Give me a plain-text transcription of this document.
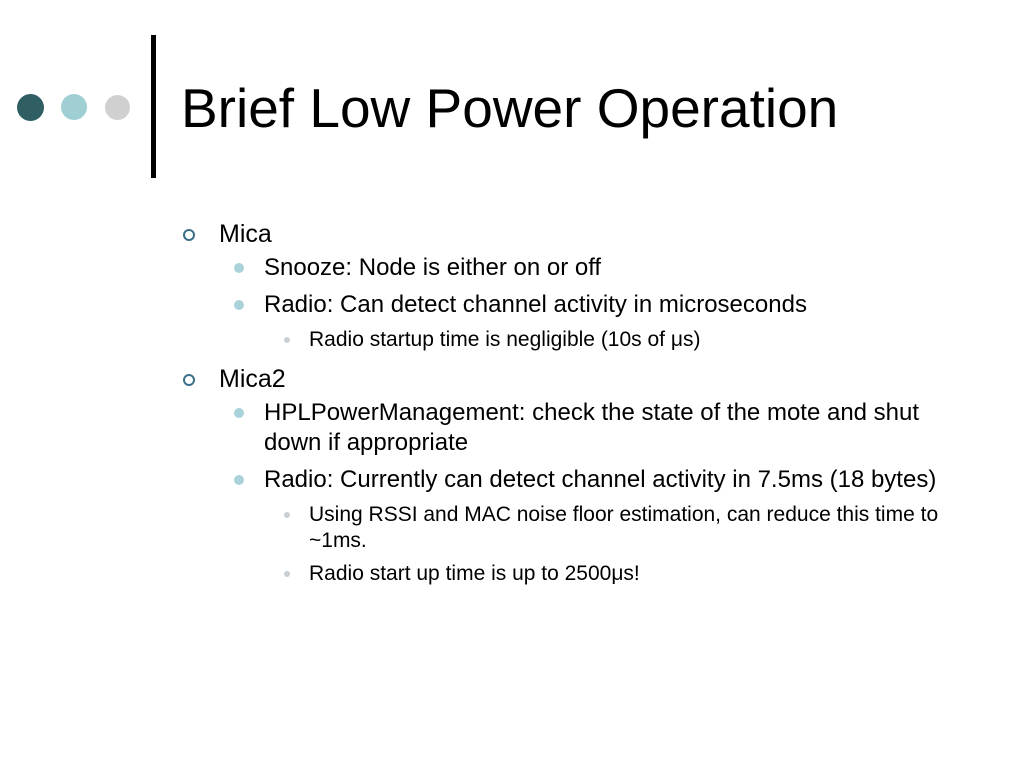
Brief Low Power Operation
Mica
Snooze: Node is either on or off
Radio: Can detect channel activity in microseconds
Radio startup time is negligible (10s of μs)
Mica2
HPLPowerManagement: check the state of the mote and shut down if appropriate
Radio: Currently can detect channel activity in 7.5ms (18 bytes)
Using RSSI and MAC noise floor estimation, can reduce this time to ~1ms.
Radio start up time is up to 2500μs!
